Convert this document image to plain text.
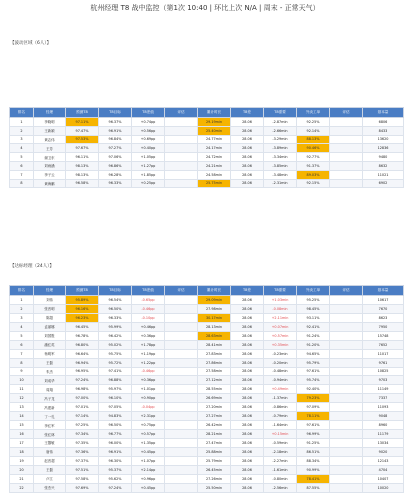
杭州经理 T8 战中监控（第1次 10:40 | 环比上次 N/A | 周末 - 正常天气）
【波动区域（6人）】
排名	经理	预测T8	T8目标	T8差值	评估	累计时长	T8差	T8需要	外卖工单	评估	基本量
1	李晓明	97.11%	96.37%	+0.74pp		29.19min	28.06	-2.87min	92.25%		6806
2	王新颖	97.47%	96.91%	+0.56pp		25.40min	28.06	-2.66min	92.14%		8433
3	黄志伟	97.53%	96.84%	+0.69pp		24.77min	28.06	-3.29min	88.13%		13620
4	王芳	97.67%	97.27%	+0.40pp		24.17min	28.06	-3.89min	90.46%		12836
5	谢卫东	96.11%	97.06%	+1.05pp		24.72min	28.06	-3.34min	92.77%		9480
6	刘雨涵	98.13%	96.86%	+1.27pp		24.21min	28.06	-3.85min	91.37%		8632
7	李子云	98.13%	96.28%	+1.85pp		24.58min	28.06	-3.48min	89.03%		11021
8	黄海鹏	96.58%	96.33%	+0.25pp		25.75min	28.06	-2.31min	92.15%		6902
【达标经理（24人）】
排名	经理	预测T8	T8目标	T8差值	评估	累计时长	T8差	T8需要	外卖工单	评估	基本量
1	刘伟	95.89%	96.54%	-0.65pp		29.09min	28.06	+1.03min	95.25%		10617
2	张晋明	96.16%	96.50%	-0.46pp		27.98min	28.06	-0.08min	98.45%		7670
3	陈超	96.23%	96.33%	-0.10pp		30.17min	28.06	+2.11min	93.11%		8623
4	孟丽娜	96.45%	95.99%	+0.46pp		28.13min	28.06	+0.07min	92.41%		7950
5	刘国胜	96.78%	96.42%	+0.36pp		28.63min	28.06	+0.57min	91.24%		15748
6	潘红英	96.80%	95.02%	+1.78pp		28.41min	28.06	+0.35min	91.20%		7652
7	杨明军	96.64%	95.75%	+1.19pp		27.83min	28.06	-0.23min	94.65%		11017
8	王磊	96.94%	95.72%	+1.22pp		27.86min	28.06	-0.20min	95.79%		9761
9	朱杰	96.95%	97.41%	-0.46pp		27.58min	28.06	-0.48min	97.61%		10825
10	刘成华	97.24%	96.88%	+0.36pp		27.12min	28.06	-0.94min	95.74%		9703
11	周翔	96.98%	95.97%	+1.01pp		28.55min	28.06	+0.49min	92.40%		11149
12	冯子龙	97.00%	96.10%	+0.90pp		26.69min	28.06	-1.37min	79.23%		7337
13	冯建新	97.01%	97.05%	-0.04pp		27.20min	28.06	-0.86min	97.09%		11093
14	丁一孔	97.14%	94.83%	+2.31pp		27.27min	28.06	-0.79min	78.11%		9048
15	李红军	97.25%	96.50%	+0.75pp		26.42min	28.06	-1.64min	97.61%		8960
16	张红林	97.34%	96.77%	+0.57pp		28.21min	28.06	+0.15min	96.99%		11179
17	王馨敏	97.35%	96.00%	+1.35pp		27.47min	28.06	-0.59min	91.25%		13034
18	唐伟	97.36%	96.91%	+0.45pp		25.88min	28.06	-2.18min	86.51%		9020
19	赵晋超	97.37%	96.30%	+1.07pp		25.79min	28.06	-2.27min	88.34%		12143
20	王磊	97.51%	95.37%	+2.14pp		26.45min	28.06	-1.61min	90.99%		4704
21	卢江	97.58%	95.62%	+0.96pp		27.26min	28.06	-0.80min	78.41%		10407
22	张杰兴	97.69%	97.24%	+0.45pp		25.50min	28.06	-2.56min	87.55%		10020
